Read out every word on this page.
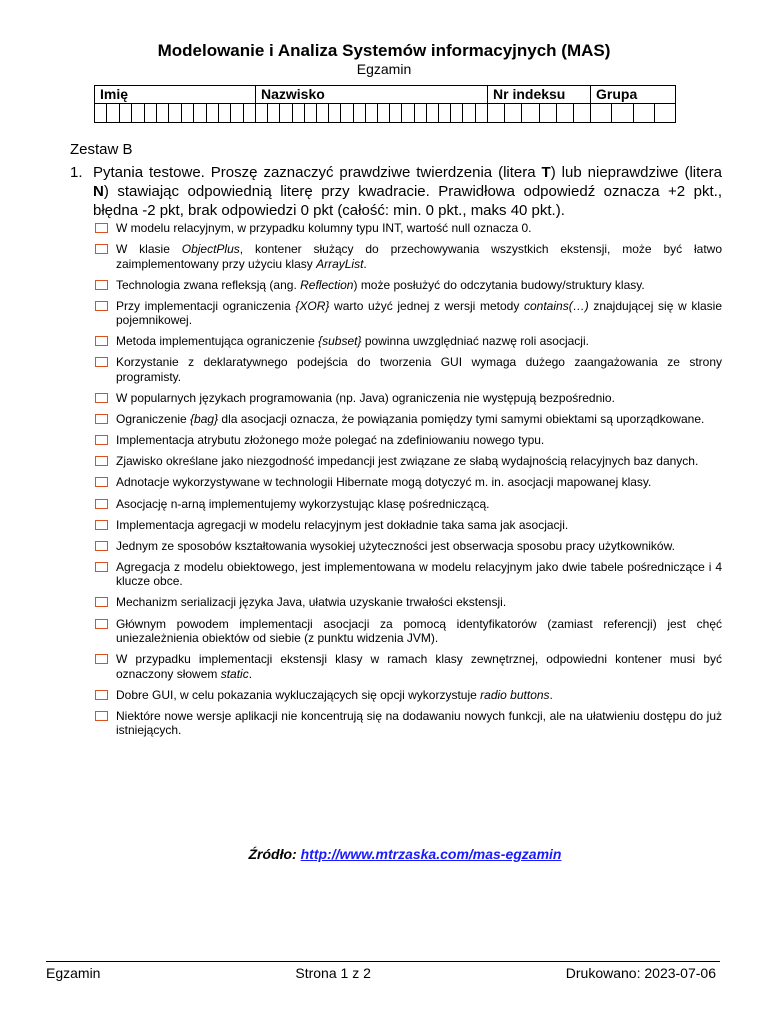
Modelowanie i Analiza Systemów informacyjnych (MAS)
Egzamin
Imię	Nazwisko	Nr indeksu	Grupa

Zestaw B
1. Pytania testowe. Proszę zaznaczyć prawdziwe twierdzenia (litera T) lub nieprawdziwe (litera N) stawiając odpowiednią literę przy kwadracie. Prawidłowa odpowiedź oznacza +2 pkt., błędna -2 pkt, brak odpowiedzi 0 pkt (całość: min. 0 pkt., maks 40 pkt.).
W modelu relacyjnym, w przypadku kolumny typu INT, wartość null oznacza 0.
W klasie ObjectPlus, kontener służący do przechowywania wszystkich ekstensji, może być łatwo zaimplementowany przy użyciu klasy ArrayList.
Technologia zwana refleksją (ang. Reflection) może posłużyć do odczytania budowy/struktury klasy.
Przy implementacji ograniczenia {XOR} warto użyć jednej z wersji metody contains(…) znajdującej się w klasie pojemnikowej.
Metoda implementująca ograniczenie {subset} powinna uwzględniać nazwę roli asocjacji.
Korzystanie z deklaratywnego podejścia do tworzenia GUI wymaga dużego zaangażowania ze strony programisty.
W popularnych językach programowania (np. Java) ograniczenia nie występują bezpośrednio.
Ograniczenie {bag} dla asocjacji oznacza, że powiązania pomiędzy tymi samymi obiektami są uporządkowane.
Implementacja atrybutu złożonego może polegać na zdefiniowaniu nowego typu.
Zjawisko określane jako niezgodność impedancji jest związane ze słabą wydajnością relacyjnych baz danych.
Adnotacje wykorzystywane w technologii Hibernate mogą dotyczyć m. in. asocjacji mapowanej klasy.
Asocjację n-arną implementujemy wykorzystując klasę pośredniczącą.
Implementacja agregacji w modelu relacyjnym jest dokładnie taka sama jak asocjacji.
Jednym ze sposobów kształtowania wysokiej użyteczności jest obserwacja sposobu pracy użytkowników.
Agregacja z modelu obiektowego, jest implementowana w modelu relacyjnym jako dwie tabele pośredniczące i 4 klucze obce.
Mechanizm serializacji języka Java, ułatwia uzyskanie trwałości ekstensji.
Głównym powodem implementacji asocjacji za pomocą identyfikatorów (zamiast referencji) jest chęć uniezależnienia obiektów od siebie (z punktu widzenia JVM).
W przypadku implementacji ekstensji klasy w ramach klasy zewnętrznej, odpowiedni kontener musi być oznaczony słowem static.
Dobre GUI, w celu pokazania wykluczających się opcji wykorzystuje radio buttons.
Niektóre nowe wersje aplikacji nie koncentrują się na dodawaniu nowych funkcji, ale na ułatwieniu dostępu do już istniejących.
Źródło: http://www.mtrzaska.com/mas-egzamin
Egzamin	Strona 1 z 2	Drukowano: 2023-07-06
